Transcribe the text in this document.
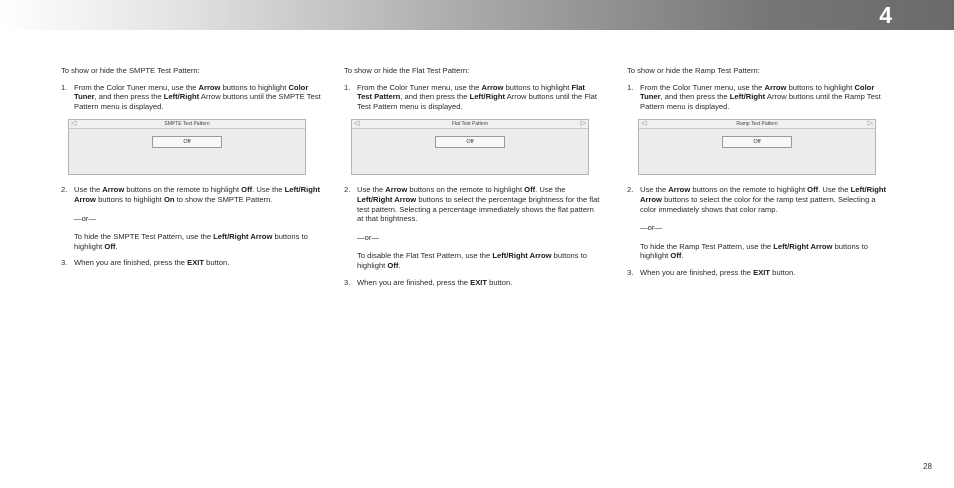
4

To show or hide the SMPTE Test Pattern:

1. From the Color Tuner menu, use the Arrow buttons to highlight Color Tuner, and then press the Left/Right Arrow buttons until the SMPTE Test Pattern menu is displayed.

◁	SMPTE Test Pattern
Off
2. Use the Arrow buttons on the remote to highlight Off. Use the Left/Right Arrow buttons to highlight On to show the SMPTE Pattern.

—or—

To hide the SMPTE Test Pattern, use the Left/Right Arrow buttons to highlight Off.

3. When you are finished, press the EXIT button.

To show or hide the Flat Test Pattern:

1. From the Color Tuner menu, use the Arrow buttons to highlight Flat Test Pattern, and then press the Left/Right Arrow buttons until the Flat Test Pattern menu is displayed.

◁	Flat Test Pattern	▷
Off
2. Use the Arrow buttons on the remote to highlight Off. Use the Left/Right Arrow buttons to select the percentage brightness for the flat test pattern. Selecting a percentage immediately shows the flat pattern at that brightness.

—or—

To disable the Flat Test Pattern, use the Left/Right Arrow buttons to highlight Off.

3. When you are finished, press the EXIT button.

To show or hide the Ramp Test Pattern:

1. From the Color Tuner menu, use the Arrow buttons to highlight Color Tuner, and then press the Left/Right Arrow buttons until the Ramp Test Pattern menu is displayed.

◁	Ramp Test Pattern	▷
Off
2. Use the Arrow buttons on the remote to highlight Off. Use the Left/Right Arrow buttons to select the color for the ramp test pattern. Selecting a color immediately shows that color ramp.

—or—

To hide the Ramp Test Pattern, use the Left/Right Arrow buttons to highlight Off.

3. When you are finished, press the EXIT button.

28
